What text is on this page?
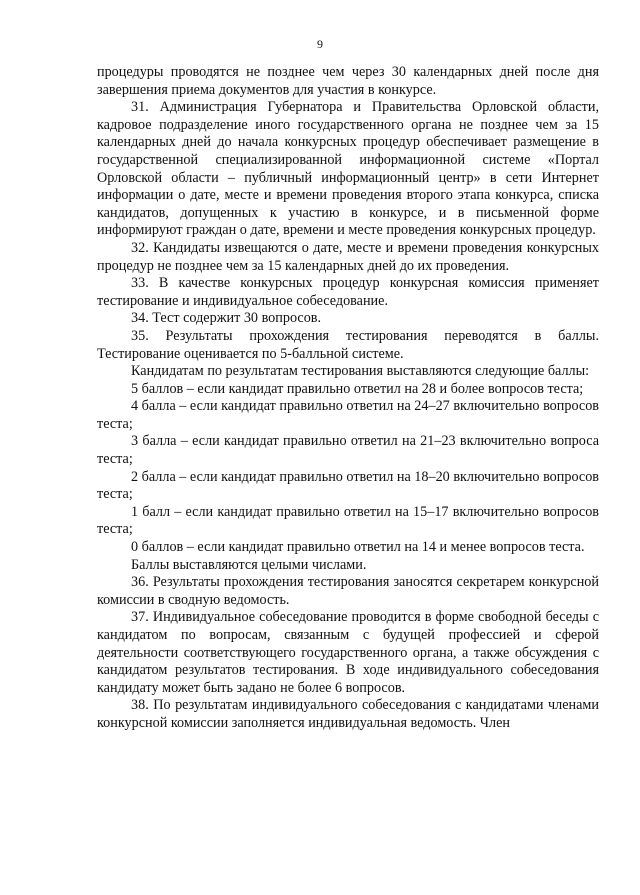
9

процедуры проводятся не позднее чем через 30 календарных дней после дня завершения приема документов для участия в конкурсе.

31. Администрация Губернатора и Правительства Орловской области, кадровое подразделение иного государственного органа не позднее чем за 15 календарных дней до начала конкурсных процедур обеспечивает размещение в государственной специализированной информационной системе «Портал Орловской области – публичный информационный центр» в сети Интернет информации о дате, месте и времени проведения второго этапа конкурса, списка кандидатов, допущенных к участию в конкурсе, и в письменной форме информируют граждан о дате, времени и месте проведения конкурсных процедур.

32. Кандидаты извещаются о дате, месте и времени проведения конкурсных процедур не позднее чем за 15 календарных дней до их проведения.

33. В качестве конкурсных процедур конкурсная комиссия применяет тестирование и индивидуальное собеседование.

34. Тест содержит 30 вопросов.

35. Результаты прохождения тестирования переводятся в баллы. Тестирование оценивается по 5-балльной системе.

Кандидатам по результатам тестирования выставляются следующие баллы:

5 баллов – если кандидат правильно ответил на 28 и более вопросов теста;

4 балла – если кандидат правильно ответил на 24–27 включительно вопросов теста;

3 балла – если кандидат правильно ответил на 21–23 включительно вопроса теста;

2 балла – если кандидат правильно ответил на 18–20 включительно вопросов теста;

1 балл – если кандидат правильно ответил на 15–17 включительно вопросов теста;

0 баллов – если кандидат правильно ответил на 14 и менее вопросов теста.

Баллы выставляются целыми числами.

36. Результаты прохождения тестирования заносятся секретарем конкурсной комиссии в сводную ведомость.

37. Индивидуальное собеседование проводится в форме свободной беседы с кандидатом по вопросам, связанным с будущей профессией и сферой деятельности соответствующего государственного органа, а также обсуждения с кандидатом результатов тестирования. В ходе индивидуального собеседования кандидату может быть задано не более 6 вопросов.

38. По результатам индивидуального собеседования с кандидатами членами конкурсной комиссии заполняется индивидуальная ведомость. Член
